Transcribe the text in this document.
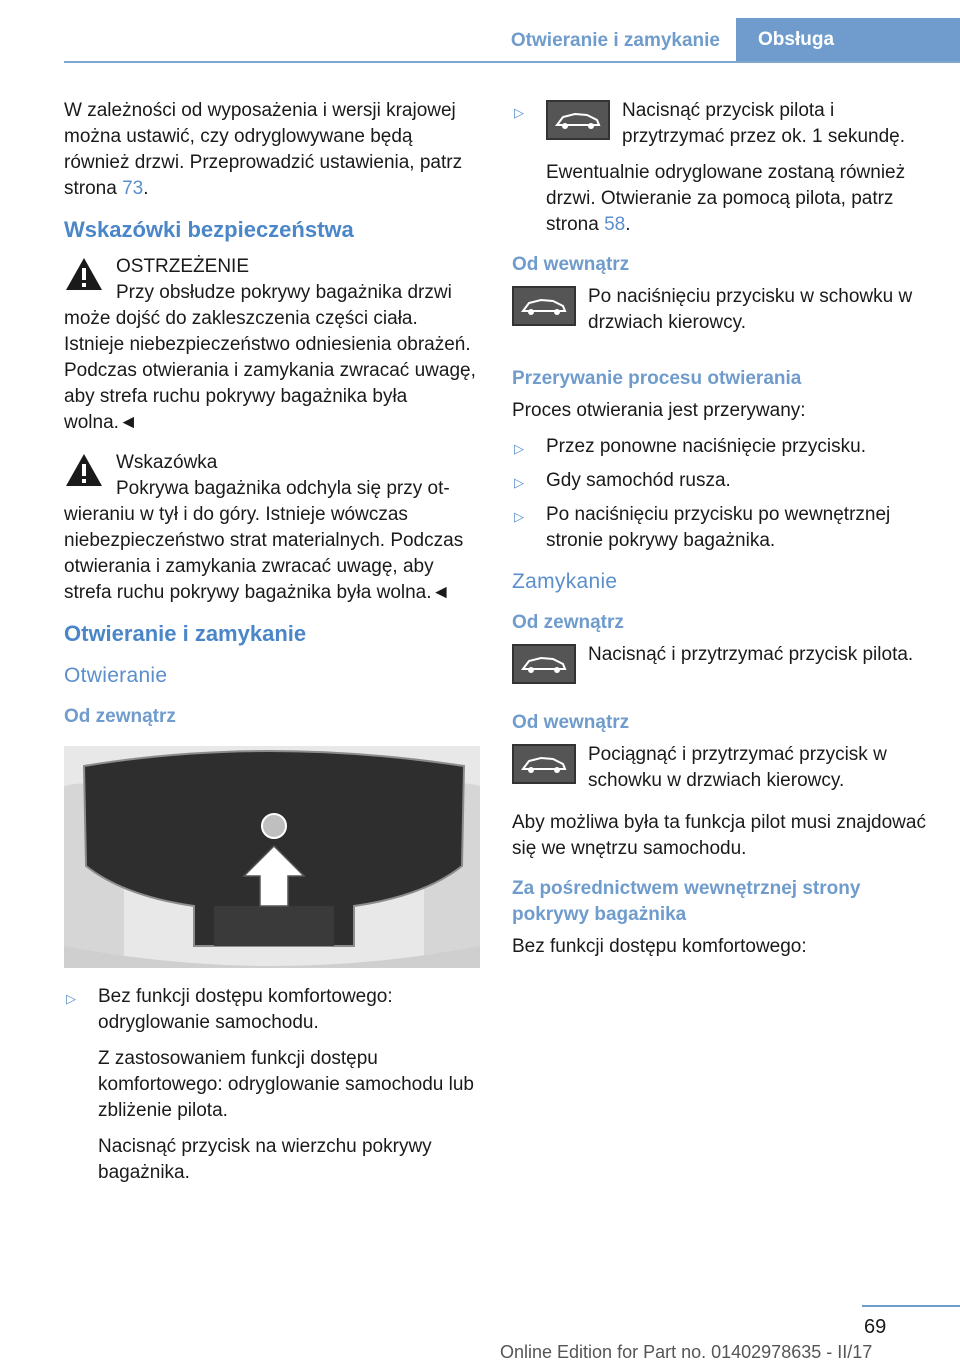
Otwieranie i zamykanie	Obsługa

W zależności od wyposażenia i wersji krajowej można ustawić, czy odryglowywane będą również drzwi. Przeprowadzić ustawienia, patrz strona 73.

Wskazówki bezpieczeństwa
OSTRZEŻENIE
Przy obsłudze pokrywy bagażnika drzwi
może dojść do zakleszczenia części ciała. Istnieje niebezpieczeństwo odniesienia obrażeń. Podczas otwierania i zamykania zwracać uwagę, aby strefa ruchu pokrywy bagażnika była wolna.◄
Wskazówka
Pokrywa bagażnika odchyla się przy ot-
wieraniu w tył i do góry. Istnieje wówczas niebezpieczeństwo strat materialnych. Podczas otwierania i zamykania zwracać uwagę, aby strefa ruchu pokrywy bagażnika była wolna.◄
Otwieranie i zamykanie
Otwieranie
Od zewnątrz
▷ Bez funkcji dostępu komfortowego: odryglowanie samochodu.

Z zastosowaniem funkcji dostępu komfortowego: odryglowanie samochodu lub zbliżenie pilota.

Nacisnąć przycisk na wierzchu pokrywy bagażnika.

▷	Nacisnąć przycisk pilota i przytrzymać przez ok. 1 sekundę.

Ewentualnie odryglowane zostaną również drzwi. Otwieranie za pomocą pilota, patrz strona 58.

Od wewnątrz
Po naciśnięciu przycisku w schowku w drzwiach kierowcy.
Przerywanie procesu otwierania

Proces otwierania jest przerywany:

▷ Przez ponowne naciśnięcie przycisku.
▷ Gdy samochód rusza.
▷ Po naciśnięciu przycisku po wewnętrznej stronie pokrywy bagażnika.
Zamykanie
Od zewnątrz
Nacisnąć i przytrzymać przycisk pilota.
Od wewnątrz
Pociągnąć i przytrzymać przycisk w schowku w drzwiach kierowcy.

Aby możliwa była ta funkcja pilot musi znajdować się we wnętrzu samochodu.

Za pośrednictwem wewnętrznej strony pokrywy bagażnika

Bez funkcji dostępu komfortowego:

69
Online Edition for Part no. 01402978635 - II/17
